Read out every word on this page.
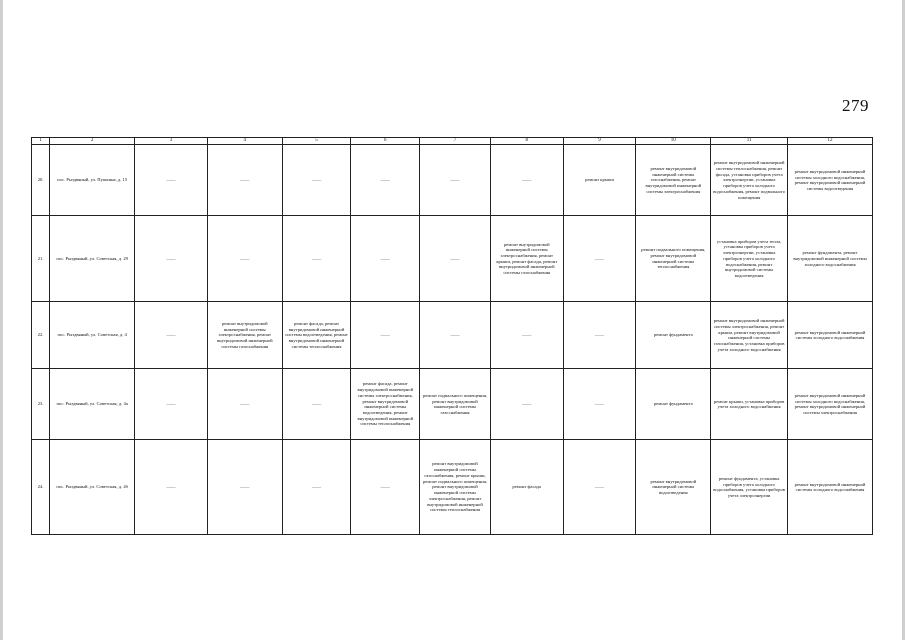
279
1	2	3	4	5	6	7	8	9	10	11	12
20.	пос. Рыздвяный, ул. Пушкина, д. 15	——	——	——	——	——	——	ремонт крыши	ремонт внутридомовой инженерной системы газоснабжения, ремонт внутридомовой инженерной системы электроснабжения	ремонт внутридомовой инженерной системы теплоснабжения, ремонт фасада, установка приборов учета электроэнергии, установка приборов учета холодного водоснабжения, ремонт подвального помещения	ремонт внутридомовой инженерной системы холодного водоснабжения, ремонт внутридомовой инженерной системы водоотведения
21.	пос. Рыздвяный, ул. Советская, д. 29	——	——	——	——	——	ремонт внутридомовой инженерной системы электроснабжения, ремонт крыши, ремонт фасада, ремонт внутридомовой инженерной системы газоснабжения	——	ремонт подвального помещения, ремонт внутридомовой инженерной системы теплоснабжения	установка приборов учета тепла, установка приборов учета электроэнергии, установка приборов учета холодного водоснабжения, ремонт внутридомовой системы водоотведения	ремонт фундамента, ремонт внутридомовой инженерной системы холодного водоснабжения
22.	пос. Рыздвяный, ул. Советская, д. 4	——	ремонт внутридомовой инженерной системы электроснабжения, ремонт внутридомовой инженерной системы газоснабжения	ремонт фасада, ремонт внутридомовой инженерной системы водоотведения, ремонт внутридомовой инженерной системы теплоснабжения	——	——	——	——	ремонт фундамента	ремонт внутридомовой инженерной системы электроснабжения, ремонт крыши, ремонт внутридомовой инженерной системы газоснабжения, установка приборов учета холодного водоснабжения	ремонт внутридомовой инженерной системы холодного водоснабжения
23.	пос. Рыздвяный, ул. Советская, д. 4а	——	——	——	ремонт фасада, ремонт внутридомовой инженерной системы электроснабжения, ремонт внутридомовой инженерной системы водоотведения, ремонт внутридомовой инженерной системы теплоснабжения	ремонт подвального помещения, ремонт внутридомовой инженерной системы газоснабжения	——	——	ремонт фундамента	ремонт крыши, установка приборов учета холодного водоснабжения	ремонт внутридомовой инженерной системы холодного водоснабжения, ремонт внутридомовой инженерной системы электроснабжения
24.	пос. Рыздвяный, ул. Советская, д. 4б	——	——	——	——	ремонт внутридомовой инженерной системы газоснабжения, ремонт крыши, ремонт подвального помещения, ремонт внутридомовой инженерной системы электроснабжения, ремонт внутридомовой инженерной системы теплоснабжения	ремонт фасада	——	ремонт внутридомовой инженерной системы водоотведения	ремонт фундамента, установка приборов учета холодного водоснабжения, установка приборов учета электроэнергии	ремонт внутридомовой инженерной системы холодного водоснабжения
